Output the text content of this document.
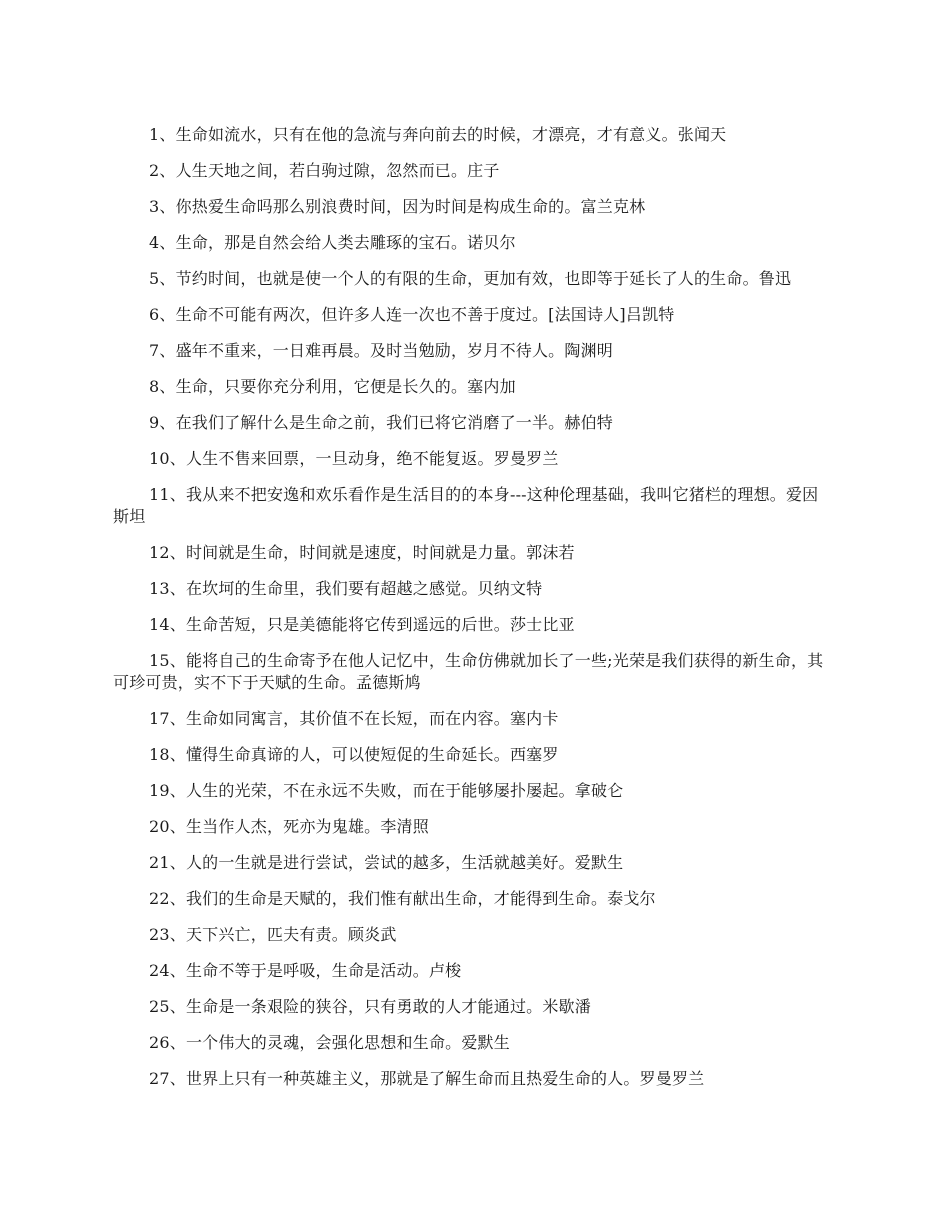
1、生命如流水，只有在他的急流与奔向前去的时候，才漂亮，才有意义。张闻天

2、人生天地之间，若白驹过隙，忽然而已。庄子

3、你热爱生命吗那么别浪费时间，因为时间是构成生命的。富兰克林

4、生命，那是自然会给人类去雕琢的宝石。诺贝尔

5、节约时间，也就是使一个人的有限的生命，更加有效，也即等于延长了人的生命。鲁迅

6、生命不可能有两次，但许多人连一次也不善于度过。[法国诗人]吕凯特

7、盛年不重来，一日难再晨。及时当勉励，岁月不待人。陶渊明

8、生命，只要你充分利用，它便是长久的。塞内加

9、在我们了解什么是生命之前，我们已将它消磨了一半。赫伯特

10、人生不售来回票，一旦动身，绝不能复返。罗曼罗兰

11、我从来不把安逸和欢乐看作是生活目的的本身---这种伦理基础，我叫它猪栏的理想。爱因斯坦

12、时间就是生命，时间就是速度，时间就是力量。郭沫若

13、在坎坷的生命里，我们要有超越之感觉。贝纳文特

14、生命苦短，只是美德能将它传到遥远的后世。莎士比亚

15、能将自己的生命寄予在他人记忆中，生命仿佛就加长了一些;光荣是我们获得的新生命，其可珍可贵，实不下于天赋的生命。孟德斯鸠

17、生命如同寓言，其价值不在长短，而在内容。塞内卡

18、懂得生命真谛的人，可以使短促的生命延长。西塞罗

19、人生的光荣，不在永远不失败，而在于能够屡扑屡起。拿破仑

20、生当作人杰，死亦为鬼雄。李清照

21、人的一生就是进行尝试，尝试的越多，生活就越美好。爱默生

22、我们的生命是天赋的，我们惟有献出生命，才能得到生命。泰戈尔

23、天下兴亡，匹夫有责。顾炎武

24、生命不等于是呼吸，生命是活动。卢梭

25、生命是一条艰险的狭谷，只有勇敢的人才能通过。米歇潘

26、一个伟大的灵魂，会强化思想和生命。爱默生

27、世界上只有一种英雄主义，那就是了解生命而且热爱生命的人。罗曼罗兰
